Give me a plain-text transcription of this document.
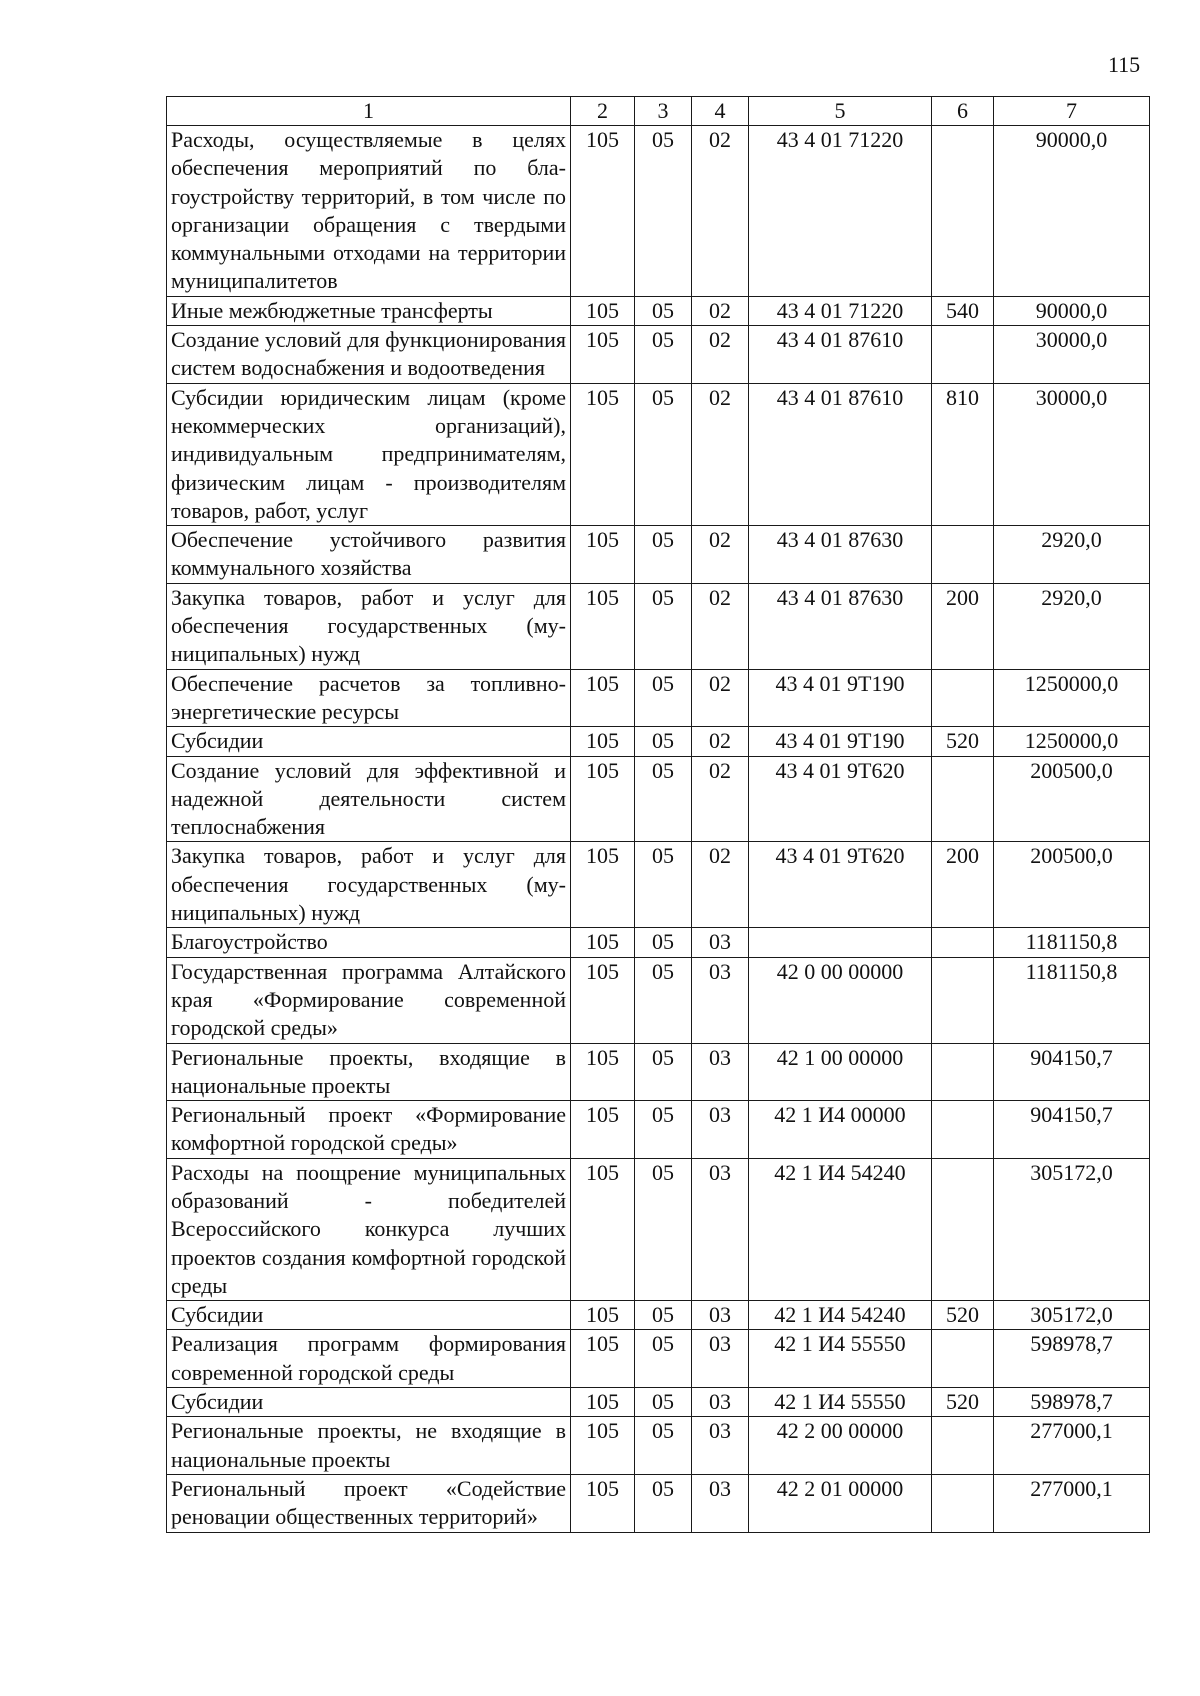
115
1	2	3	4	5	6	7
Расходы, осуществляемые в целях обеспечения мероприятий по благоустройству территорий, в том числе по организации обращения с твердыми коммунальными отходами на территории муниципалитетов	105	05	02	43 4 01 71220		90000,0
Иные межбюджетные трансферты	105	05	02	43 4 01 71220	540	90000,0
Создание условий для функционирования систем водоснабжения и водоотведения	105	05	02	43 4 01 87610		30000,0
Субсидии юридическим лицам (кроме некоммерческих организаций), индивидуальным предпринимателям, физическим лицам - производителям товаров, работ, услуг	105	05	02	43 4 01 87610	810	30000,0
Обеспечение устойчивого развития коммунального хозяйства	105	05	02	43 4 01 87630		2920,0
Закупка товаров, работ и услуг для обеспечения государственных (муниципальных) нужд	105	05	02	43 4 01 87630	200	2920,0
Обеспечение расчетов за топливно-энергетические ресурсы	105	05	02	43 4 01 9Т190		1250000,0
Субсидии	105	05	02	43 4 01 9Т190	520	1250000,0
Создание условий для эффективной и надежной деятельности систем теплоснабжения	105	05	02	43 4 01 9Т620		200500,0
Закупка товаров, работ и услуг для обеспечения государственных (муниципальных) нужд	105	05	02	43 4 01 9Т620	200	200500,0
Благоустройство	105	05	03			1181150,8
Государственная программа Алтайского края «Формирование современной городской среды»	105	05	03	42 0 00 00000		1181150,8
Региональные проекты, входящие в национальные проекты	105	05	03	42 1 00 00000		904150,7
Региональный проект «Формирование комфортной городской среды»	105	05	03	42 1 И4 00000		904150,7
Расходы на поощрение муниципальных образований - победителей Всероссийского конкурса лучших проектов создания комфортной городской среды	105	05	03	42 1 И4 54240		305172,0
Субсидии	105	05	03	42 1 И4 54240	520	305172,0
Реализация программ формирования современной городской среды	105	05	03	42 1 И4 55550		598978,7
Субсидии	105	05	03	42 1 И4 55550	520	598978,7
Региональные проекты, не входящие в национальные проекты	105	05	03	42 2 00 00000		277000,1
Региональный проект «Содействие реновации общественных территорий»	105	05	03	42 2 01 00000		277000,1
